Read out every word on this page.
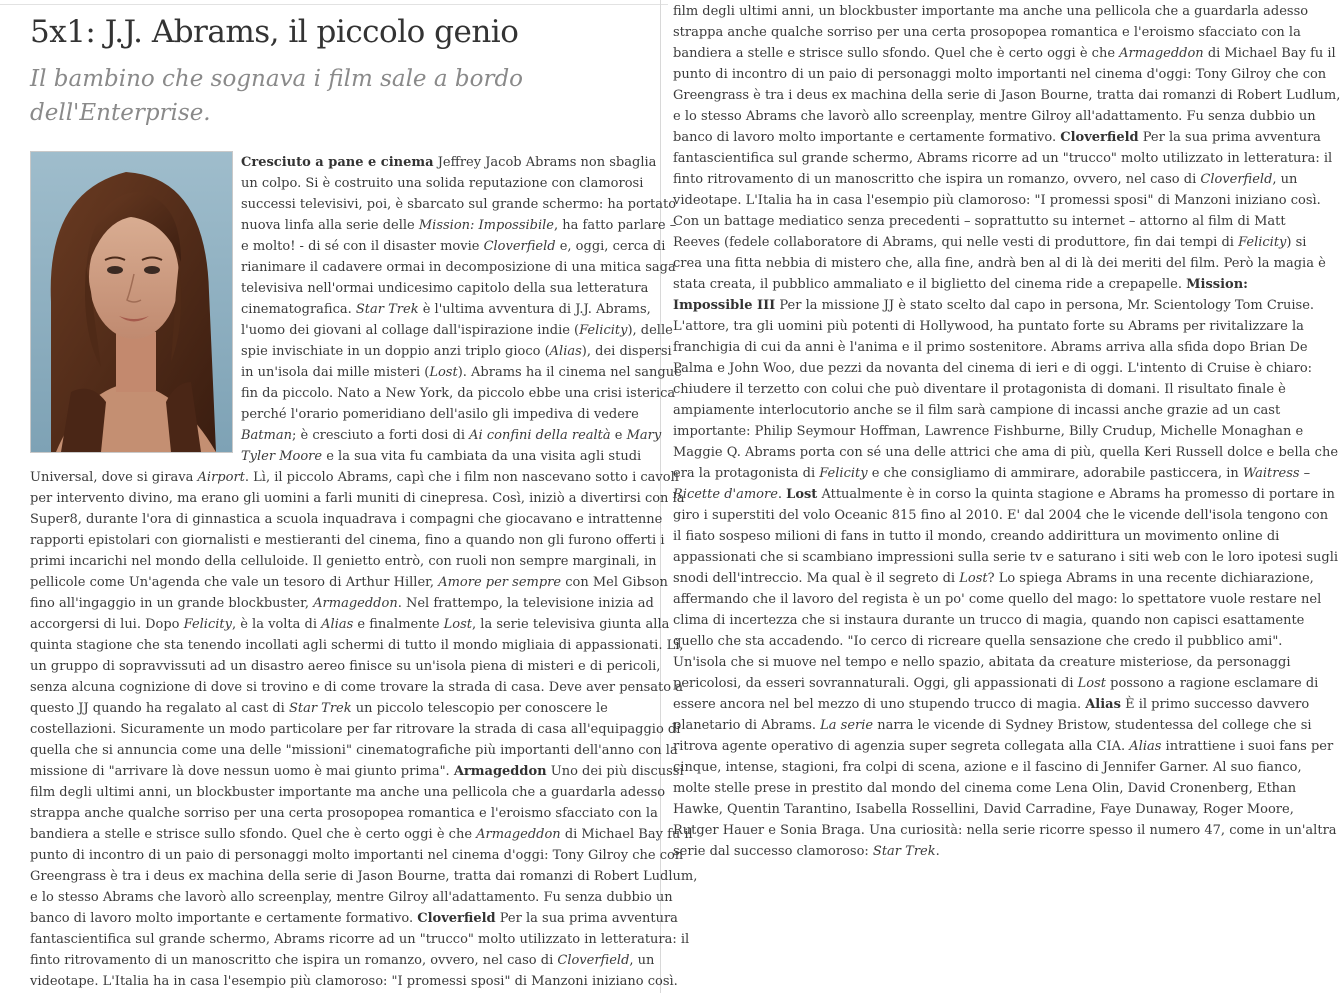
5x1: J.J. Abrams, il piccolo genio

Il bambino che sognava i film sale a bordo dell'Enterprise.

Cresciuto a pane e cinema Jeffrey Jacob Abrams non sbaglia
un colpo. Si è costruito una solida reputazione con clamorosi
successi televisivi, poi, è sbarcato sul grande schermo: ha portato
nuova linfa alla serie delle Mission: Impossibile, ha fatto parlare –
e molto! - di sé con il disaster movie Cloverfield e, oggi, cerca di
rianimare il cadavere ormai in decomposizione di una mitica saga
televisiva nell'ormai undicesimo capitolo della sua letteratura
cinematografica. Star Trek è l'ultima avventura di J.J. Abrams,
l'uomo dei giovani al collage dall'ispirazione indie (Felicity), delle
spie invischiate in un doppio anzi triplo gioco (Alias), dei dispersi
in un'isola dai mille misteri (Lost). Abrams ha il cinema nel sangue
fin da piccolo. Nato a New York, da piccolo ebbe una crisi isterica
perché l'orario pomeridiano dell'asilo gli impediva di vedere
Batman; è cresciuto a forti dosi di Ai confini della realtà e Mary
Tyler Moore e la sua vita fu cambiata da una visita agli studi
Universal, dove si girava Airport. Lì, il piccolo Abrams, capì che i film non nascevano sotto i cavoli
per intervento divino, ma erano gli uomini a farli muniti di cinepresa. Così, iniziò a divertirsi con la
Super8, durante l'ora di ginnastica a scuola inquadrava i compagni che giocavano e intrattenne
rapporti epistolari con giornalisti e mestieranti del cinema, fino a quando non gli furono offerti i
primi incarichi nel mondo della celluloide. Il genietto entrò, con ruoli non sempre marginali, in
pellicole come Un'agenda che vale un tesoro di Arthur Hiller, Amore per sempre con Mel Gibson
fino all'ingaggio in un grande blockbuster, Armageddon. Nel frattempo, la televisione inizia ad
accorgersi di lui. Dopo Felicity, è la volta di Alias e finalmente Lost, la serie televisiva giunta alla
quinta stagione che sta tenendo incollati agli schermi di tutto il mondo migliaia di appassionati. Lì,
un gruppo di sopravvissuti ad un disastro aereo finisce su un'isola piena di misteri e di pericoli,
senza alcuna cognizione di dove si trovino e di come trovare la strada di casa. Deve aver pensato a
questo JJ quando ha regalato al cast di Star Trek un piccolo telescopio per conoscere le
costellazioni. Sicuramente un modo particolare per far ritrovare la strada di casa all'equipaggio di
quella che si annuncia come una delle "missioni" cinematografiche più importanti dell'anno con la
missione di "arrivare là dove nessun uomo è mai giunto prima". Armageddon Uno dei più discussi
film degli ultimi anni, un blockbuster importante ma anche una pellicola che a guardarla adesso
strappa anche qualche sorriso per una certa prosopopea romantica e l'eroismo sfacciato con la
bandiera a stelle e strisce sullo sfondo. Quel che è certo oggi è che Armageddon di Michael Bay fu il
punto di incontro di un paio di personaggi molto importanti nel cinema d'oggi: Tony Gilroy che con
Greengrass è tra i deus ex machina della serie di Jason Bourne, tratta dai romanzi di Robert Ludlum,
e lo stesso Abrams che lavorò allo screenplay, mentre Gilroy all'adattamento. Fu senza dubbio un
banco di lavoro molto importante e certamente formativo. Cloverfield Per la sua prima avventura
fantascientifica sul grande schermo, Abrams ricorre ad un "trucco" molto utilizzato in letteratura: il
finto ritrovamento di un manoscritto che ispira un romanzo, ovvero, nel caso di Cloverfield, un
videotape. L'Italia ha in casa l'esempio più clamoroso: "I promessi sposi" di Manzoni iniziano così.
film degli ultimi anni, un blockbuster importante ma anche una pellicola che a guardarla adesso
strappa anche qualche sorriso per una certa prosopopea romantica e l'eroismo sfacciato con la
bandiera a stelle e strisce sullo sfondo. Quel che è certo oggi è che Armageddon di Michael Bay fu il
punto di incontro di un paio di personaggi molto importanti nel cinema d'oggi: Tony Gilroy che con
Greengrass è tra i deus ex machina della serie di Jason Bourne, tratta dai romanzi di Robert Ludlum,
e lo stesso Abrams che lavorò allo screenplay, mentre Gilroy all'adattamento. Fu senza dubbio un
banco di lavoro molto importante e certamente formativo. Cloverfield Per la sua prima avventura
fantascientifica sul grande schermo, Abrams ricorre ad un "trucco" molto utilizzato in letteratura: il
finto ritrovamento di un manoscritto che ispira un romanzo, ovvero, nel caso di Cloverfield, un
videotape. L'Italia ha in casa l'esempio più clamoroso: "I promessi sposi" di Manzoni iniziano così.
Con un battage mediatico senza precedenti – soprattutto su internet – attorno al film di Matt
Reeves (fedele collaboratore di Abrams, qui nelle vesti di produttore, fin dai tempi di Felicity) si
crea una fitta nebbia di mistero che, alla fine, andrà ben al di là dei meriti del film. Però la magia è
stata creata, il pubblico ammaliato e il biglietto del cinema ride a crepapelle. Mission:
Impossible III Per la missione JJ è stato scelto dal capo in persona, Mr. Scientology Tom Cruise.
L'attore, tra gli uomini più potenti di Hollywood, ha puntato forte su Abrams per rivitalizzare la
franchigia di cui da anni è l'anima e il primo sostenitore. Abrams arriva alla sfida dopo Brian De
Palma e John Woo, due pezzi da novanta del cinema di ieri e di oggi. L'intento di Cruise è chiaro:
chiudere il terzetto con colui che può diventare il protagonista di domani. Il risultato finale è
ampiamente interlocutorio anche se il film sarà campione di incassi anche grazie ad un cast
importante: Philip Seymour Hoffman, Lawrence Fishburne, Billy Crudup, Michelle Monaghan e
Maggie Q. Abrams porta con sé una delle attrici che ama di più, quella Keri Russell dolce e bella che
era la protagonista di Felicity e che consigliamo di ammirare, adorabile pasticcera, in Waitress –
Ricette d'amore. Lost Attualmente è in corso la quinta stagione e Abrams ha promesso di portare in
giro i superstiti del volo Oceanic 815 fino al 2010. E' dal 2004 che le vicende dell'isola tengono con
il fiato sospeso milioni di fans in tutto il mondo, creando addirittura un movimento online di
appassionati che si scambiano impressioni sulla serie tv e saturano i siti web con le loro ipotesi sugli
snodi dell'intreccio. Ma qual è il segreto di Lost? Lo spiega Abrams in una recente dichiarazione,
affermando che il lavoro del regista è un po' come quello del mago: lo spettatore vuole restare nel
clima di incertezza che si instaura durante un trucco di magia, quando non capisci esattamente
quello che sta accadendo. "Io cerco di ricreare quella sensazione che credo il pubblico ami".
Un'isola che si muove nel tempo e nello spazio, abitata da creature misteriose, da personaggi
pericolosi, da esseri sovrannaturali. Oggi, gli appassionati di Lost possono a ragione esclamare di
essere ancora nel bel mezzo di uno stupendo trucco di magia. Alias È il primo successo davvero
planetario di Abrams. La serie narra le vicende di Sydney Bristow, studentessa del college che si
ritrova agente operativo di agenzia super segreta collegata alla CIA. Alias intrattiene i suoi fans per
cinque, intense, stagioni, fra colpi di scena, azione e il fascino di Jennifer Garner. Al suo fianco,
molte stelle prese in prestito dal mondo del cinema come Lena Olin, David Cronenberg, Ethan
Hawke, Quentin Tarantino, Isabella Rossellini, David Carradine, Faye Dunaway, Roger Moore,
Rutger Hauer e Sonia Braga. Una curiosità: nella serie ricorre spesso il numero 47, come in un'altra
serie dal successo clamoroso: Star Trek.
